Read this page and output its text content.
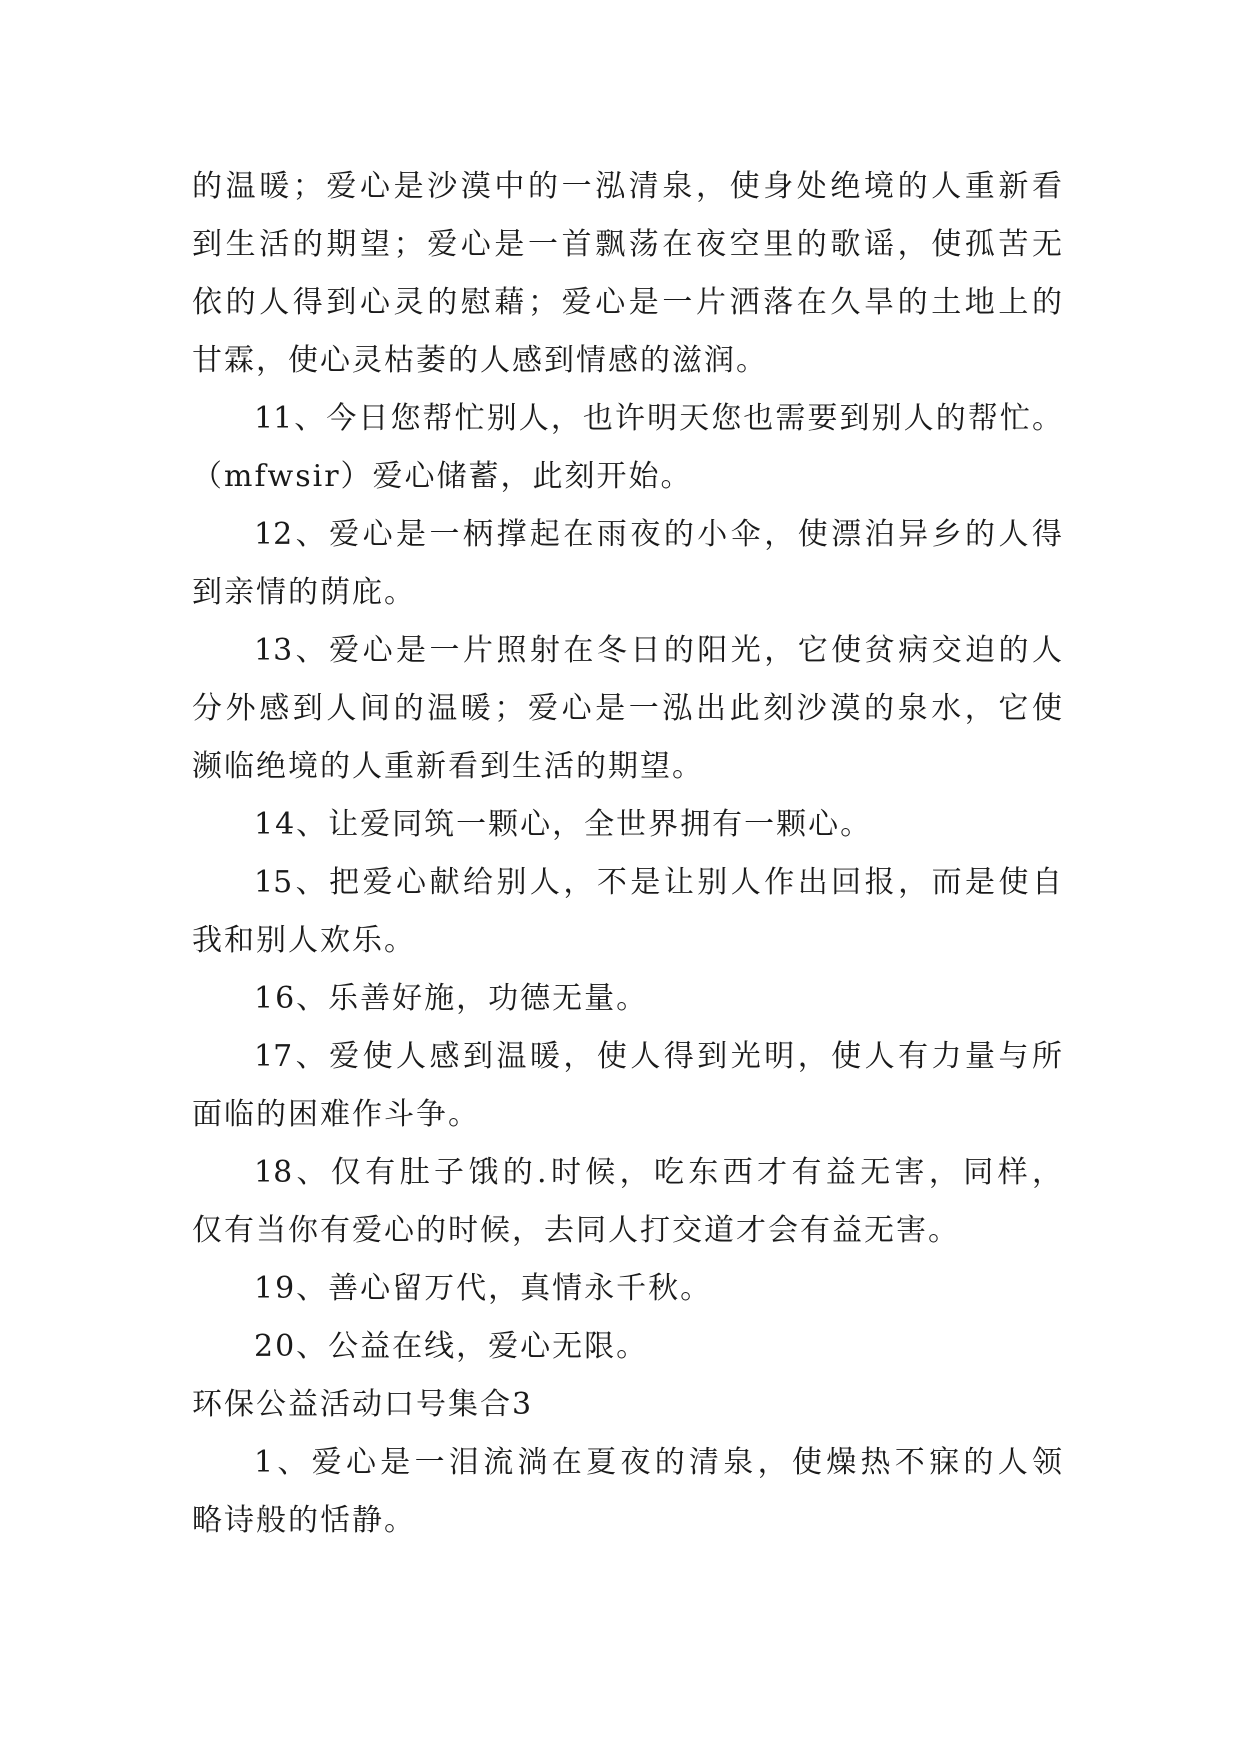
的温暖；爱心是沙漠中的一泓清泉，使身处绝境的人重新看
到生活的期望；爱心是一首飘荡在夜空里的歌谣，使孤苦无
依的人得到心灵的慰藉；爱心是一片洒落在久旱的土地上的
甘霖，使心灵枯萎的人感到情感的滋润。
11、今日您帮忙别人，也许明天您也需要到别人的帮忙。
（mfwsir）爱心储蓄，此刻开始。
12、爱心是一柄撑起在雨夜的小伞，使漂泊异乡的人得
到亲情的荫庇。
13、爱心是一片照射在冬日的阳光，它使贫病交迫的人
分外感到人间的温暖；爱心是一泓出此刻沙漠的泉水，它使
濒临绝境的人重新看到生活的期望。
14、让爱同筑一颗心，全世界拥有一颗心。
15、把爱心献给别人，不是让别人作出回报，而是使自
我和别人欢乐。
16、乐善好施，功德无量。
17、爱使人感到温暖，使人得到光明，使人有力量与所
面临的困难作斗争。
18、仅有肚子饿的.时候，吃东西才有益无害，同样，
仅有当你有爱心的时候，去同人打交道才会有益无害。
19、善心留万代，真情永千秋。
20、公益在线，爱心无限。
环保公益活动口号集合3
1、爱心是一泪流淌在夏夜的清泉，使燥热不寐的人领
略诗般的恬静。
